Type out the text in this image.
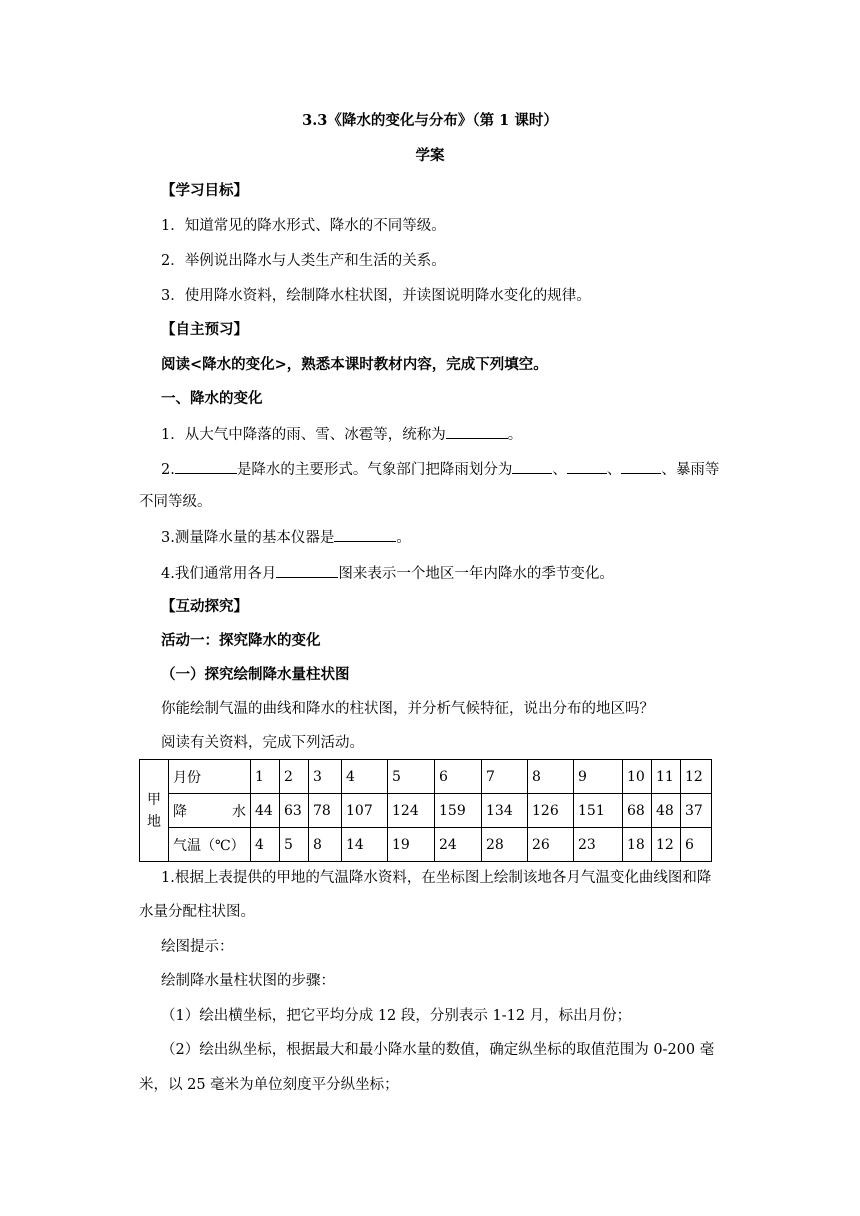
3.3《降水的变化与分布》（第 1 课时）
学案
【学习目标】
1．知道常见的降水形式、降水的不同等级。
2．举例说出降水与人类生产和生活的关系。
3．使用降水资料，绘制降水柱状图，并读图说明降水变化的规律。
【自主预习】
阅读<降水的变化>，熟悉本课时教材内容，完成下列填空。
一、降水的变化
1．从大气中降落的雨、雪、冰雹等，统称为	。
2.	是降水的主要形式。气象部门把降雨划分为	、	、	、暴雨等
不同等级。
3.测量降水量的基本仪器是	。
4.我们通常用各月	图来表示一个地区一年内降水的季节变化。
【互动探究】
活动一：探究降水的变化
（一）探究绘制降水量柱状图
你能绘制气温的曲线和降水的柱状图，并分析气候特征，说出分布的地区吗？
阅读有关资料，完成下列活动。
甲
地	月份	1	2	3	4	5	6	7	8	9	10	11	12

	降 水	44	63	78	107	124	159	134	126	151	68	48	37
	气温（℃）	4	5	8	14	19	24	28	26	23	18	12	6
1.根据上表提供的甲地的气温降水资料，在坐标图上绘制该地各月气温变化曲线图和降
水量分配柱状图。
绘图提示：
绘制降水量柱状图的步骤：
（1）绘出横坐标，把它平均分成 12 段，分别表示 1-12 月，标出月份；
（2）绘出纵坐标，根据最大和最小降水量的数值，确定纵坐标的取值范围为 0-200 毫
米，以 25 毫米为单位刻度平分纵坐标；
